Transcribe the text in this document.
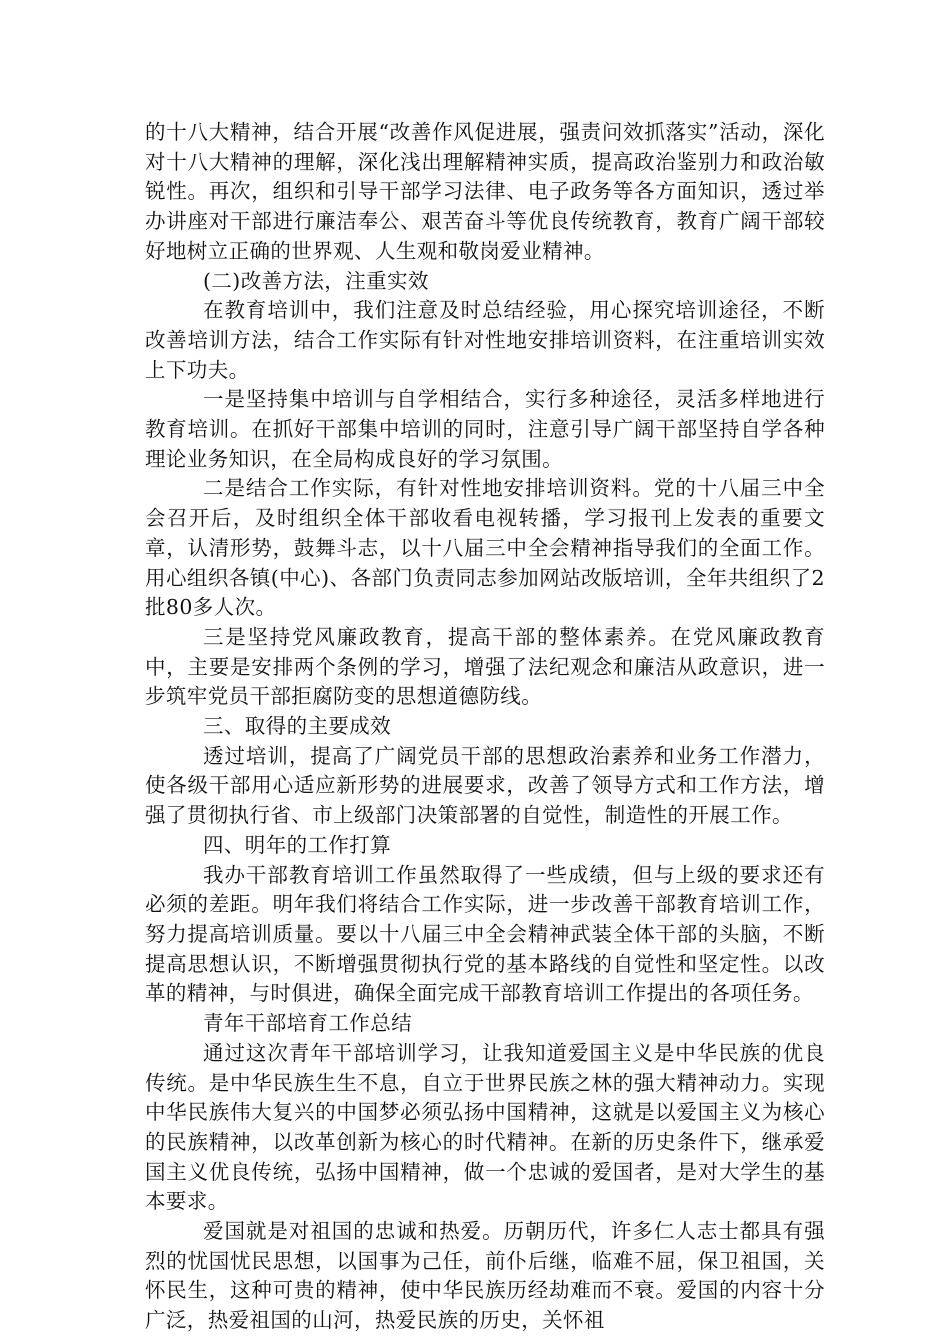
的十八大精神，结合开展“改善作风促进展，强责问效抓落实”活动，深化对十八大精神的理解，深化浅出理解精神实质，提高政治鉴别力和政治敏锐性。再次，组织和引导干部学习法律、电子政务等各方面知识，透过举办讲座对干部进行廉洁奉公、艰苦奋斗等优良传统教育，教育广阔干部较好地树立正确的世界观、人生观和敬岗爱业精神。

(二)改善方法，注重实效

在教育培训中，我们注意及时总结经验，用心探究培训途径，不断改善培训方法，结合工作实际有针对性地安排培训资料，在注重培训实效上下功夫。

一是坚持集中培训与自学相结合，实行多种途径，灵活多样地进行教育培训。在抓好干部集中培训的同时，注意引导广阔干部坚持自学各种理论业务知识，在全局构成良好的学习氛围。

二是结合工作实际，有针对性地安排培训资料。党的十八届三中全会召开后，及时组织全体干部收看电视转播，学习报刊上发表的重要文章，认清形势，鼓舞斗志，以十八届三中全会精神指导我们的全面工作。用心组织各镇(中心)、各部门负责同志参加网站改版培训，全年共组织了2批80多人次。

三是坚持党风廉政教育，提高干部的整体素养。在党风廉政教育中，主要是安排两个条例的学习，增强了法纪观念和廉洁从政意识，进一步筑牢党员干部拒腐防变的思想道德防线。

三、取得的主要成效

透过培训，提高了广阔党员干部的思想政治素养和业务工作潜力，使各级干部用心适应新形势的进展要求，改善了领导方式和工作方法，增强了贯彻执行省、市上级部门决策部署的自觉性，制造性的开展工作。

四、明年的工作打算

我办干部教育培训工作虽然取得了一些成绩，但与上级的要求还有必须的差距。明年我们将结合工作实际，进一步改善干部教育培训工作，努力提高培训质量。要以十八届三中全会精神武装全体干部的头脑，不断提高思想认识，不断增强贯彻执行党的基本路线的自觉性和坚定性。以改革的精神，与时俱进，确保全面完成干部教育培训工作提出的各项任务。

青年干部培育工作总结

通过这次青年干部培训学习，让我知道爱国主义是中华民族的优良传统。是中华民族生生不息，自立于世界民族之林的强大精神动力。实现中华民族伟大复兴的中国梦必须弘扬中国精神，这就是以爱国主义为核心的民族精神，以改革创新为核心的时代精神。在新的历史条件下，继承爱国主义优良传统，弘扬中国精神，做一个忠诚的爱国者，是对大学生的基本要求。

爱国就是对祖国的忠诚和热爱。历朝历代，许多仁人志士都具有强烈的忧国忧民思想，以国事为己任，前仆后继，临难不屈，保卫祖国，关怀民生，这种可贵的精神，使中华民族历经劫难而不衰。爱国的内容十分广泛，热爱祖国的山河，热爱民族的历史，关怀祖
